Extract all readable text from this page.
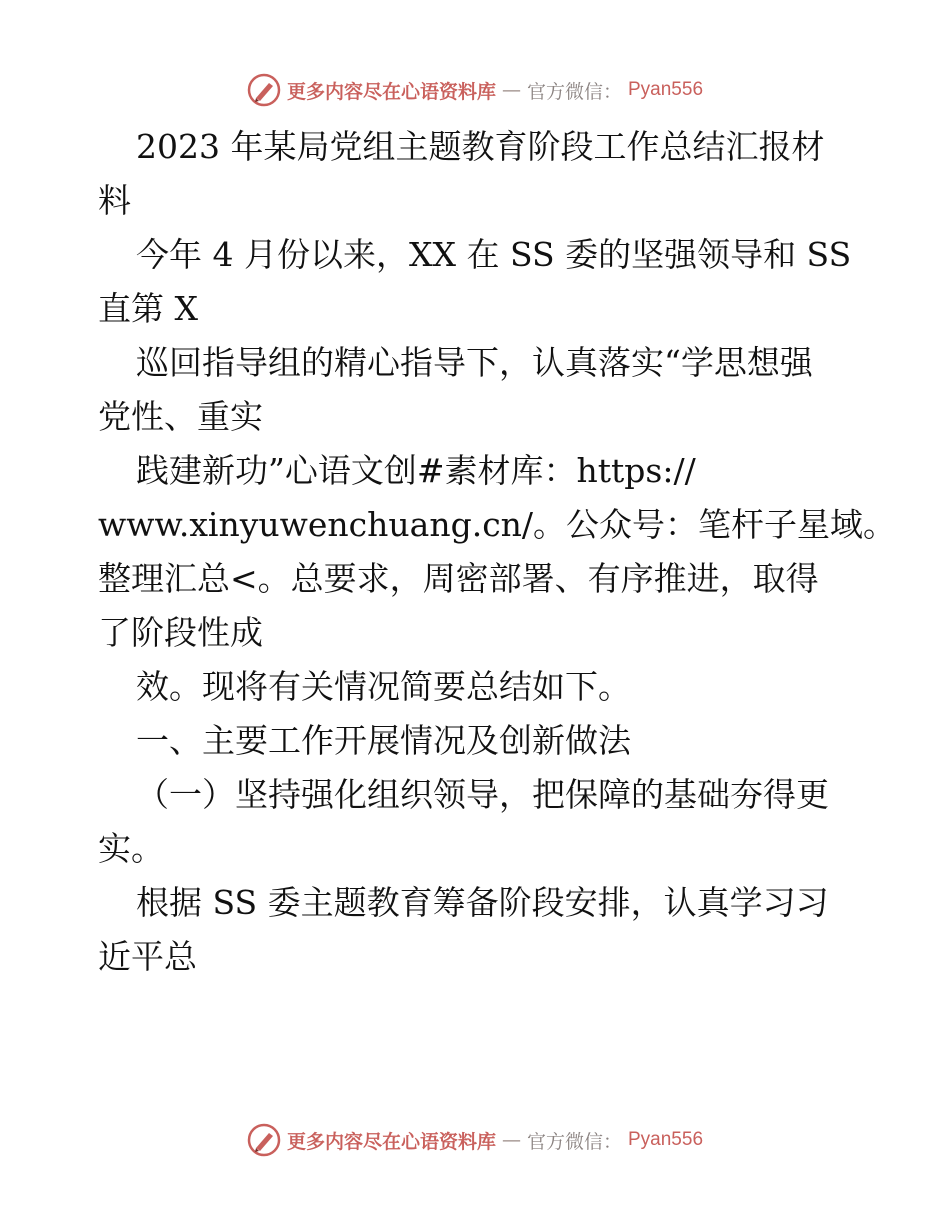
更多内容尽在心语资料库 — 官方微信： Pyan556
2023 年某局党组主题教育阶段工作总结汇报材
料
今年 4 月份以来，XX 在 SS 委的坚强领导和 SS
直第 X
巡回指导组的精心指导下，认真落实“学思想强
党性、重实
践建新功”心语文创#素材库：https://
www.xinyuwenchuang.cn/。公众号：笔杆子星域。
整理汇总<。总要求，周密部署、有序推进，取得
了阶段性成
效。现将有关情况简要总结如下。
一、主要工作开展情况及创新做法
（一）坚持强化组织领导，把保障的基础夯得更
实。
根据 SS 委主题教育筹备阶段安排，认真学习习
近平总
更多内容尽在心语资料库 — 官方微信： Pyan556
